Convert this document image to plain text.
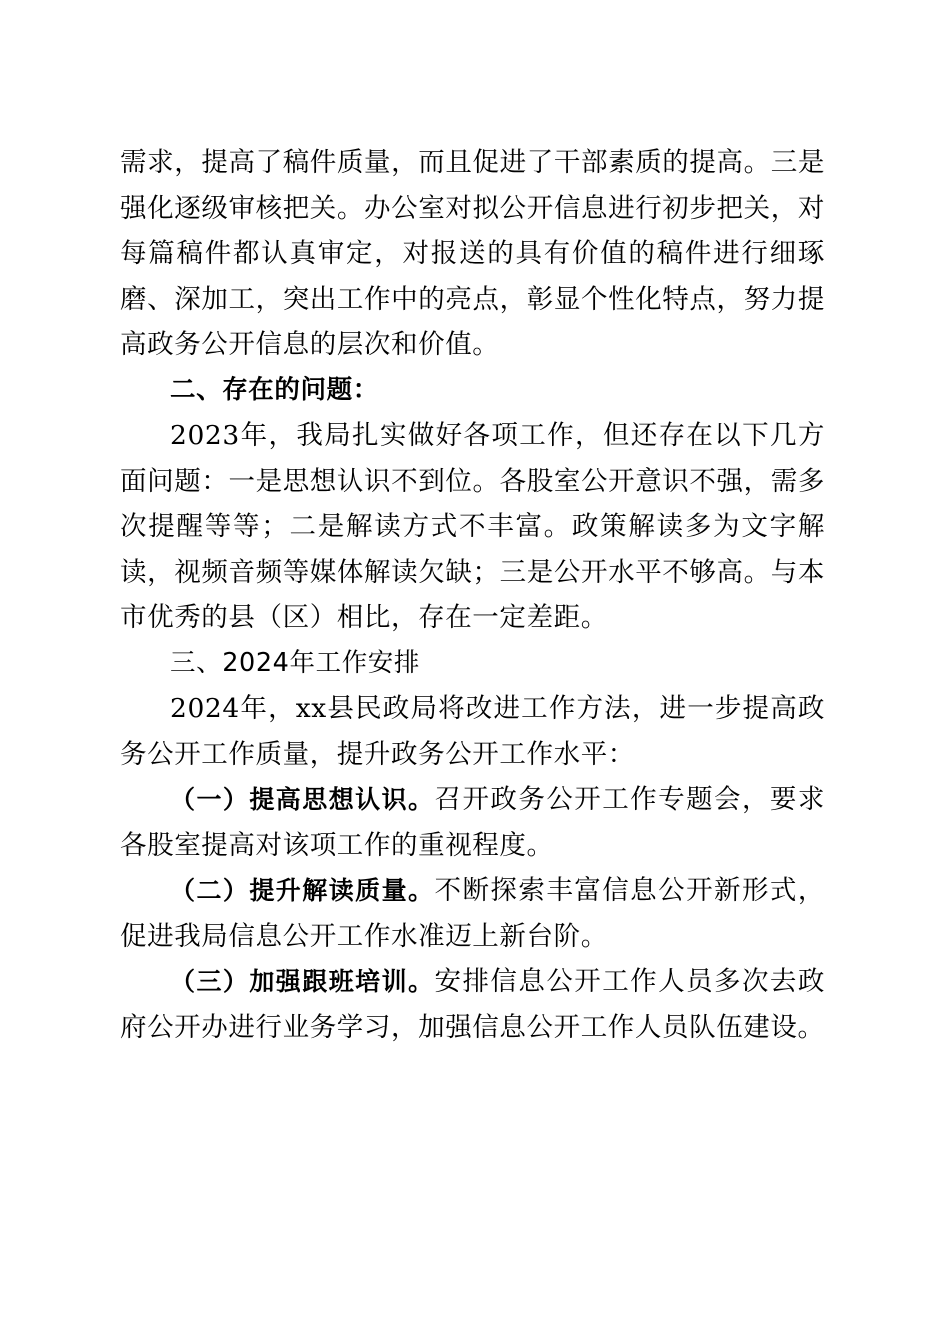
需求，提高了稿件质量，而且促进了干部素质的提高。三是强化逐级审核把关。办公室对拟公开信息进行初步把关，对每篇稿件都认真审定，对报送的具有价值的稿件进行细琢磨、深加工，突出工作中的亮点，彰显个性化特点，努力提高政务公开信息的层次和价值。

二、存在的问题：

2023年，我局扎实做好各项工作，但还存在以下几方面问题：一是思想认识不到位。各股室公开意识不强，需多次提醒等等；二是解读方式不丰富。政策解读多为文字解读，视频音频等媒体解读欠缺；三是公开水平不够高。与本市优秀的县（区）相比，存在一定差距。

三、2024年工作安排

2024年，xx县民政局将改进工作方法，进一步提高政务公开工作质量，提升政务公开工作水平：

（一）提高思想认识。召开政务公开工作专题会，要求各股室提高对该项工作的重视程度。

（二）提升解读质量。不断探索丰富信息公开新形式，促进我局信息公开工作水准迈上新台阶。

（三）加强跟班培训。安排信息公开工作人员多次去政府公开办进行业务学习，加强信息公开工作人员队伍建设。
